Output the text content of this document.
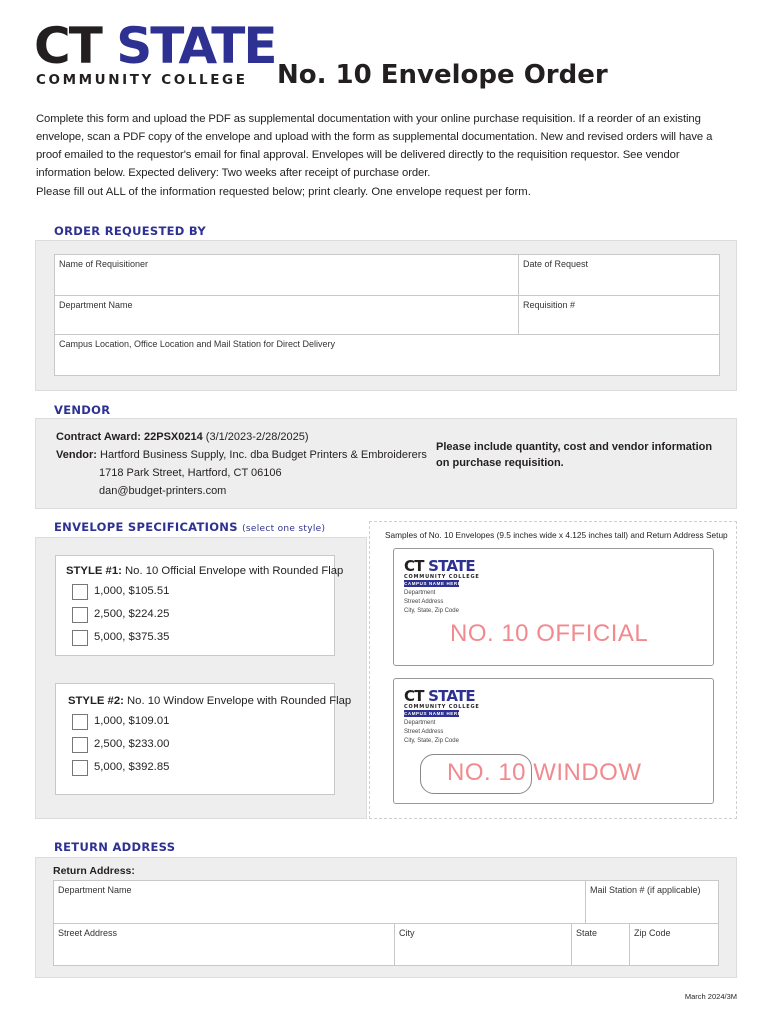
CT STATE
COMMUNITY COLLEGE No. 10 Envelope Order
Complete this form and upload the PDF as supplemental documentation with your online purchase requisition. If a reorder of an existing envelope, scan a PDF copy of the envelope and upload with the form as supplemental documentation. New and revised orders will have a proof emailed to the requestor's email for final approval. Envelopes will be delivered directly to the requisition requestor. See vendor information below. Expected delivery: Two weeks after receipt of purchase order.
Please fill out ALL of the information requested below; print clearly. One envelope request per form.
ORDER REQUESTED BY
Name of Requisitioner	Date of Request
Department Name	Requisition #
Campus Location, Office Location and Mail Station for Direct Delivery
VENDOR
Contract Award: 22PSX0214 (3/1/2023-2/28/2025)
Vendor: Hartford Business Supply, Inc. dba Budget Printers & Embroiderers
1718 Park Street, Hartford, CT 06106
dan@budget-printers.com
Please include quantity, cost and vendor information on purchase requisition.
ENVELOPE SPECIFICATIONS (select one style)
STYLE #1: No. 10 Official Envelope with Rounded Flap
1,000, $105.51
2,500, $224.25
5,000, $375.35
STYLE #2: No. 10 Window Envelope with Rounded Flap
1,000, $109.01
2,500, $233.00
5,000, $392.85
Samples of No. 10 Envelopes (9.5 inches wide x 4.125 inches tall) and Return Address Setup
CT STATE
COMMUNITY COLLEGE
CAMPUS NAME HERE
Department
Street Address
City, State, Zip Code
NO. 10 OFFICIAL
CT STATE
COMMUNITY COLLEGE
CAMPUS NAME HERE
Department
Street Address
City, State, Zip Code
NO. 10 WINDOW
RETURN ADDRESS
Return Address:
Department Name	Mail Station # (if applicable)
Street Address	City	State	Zip Code
March 2024/3M
